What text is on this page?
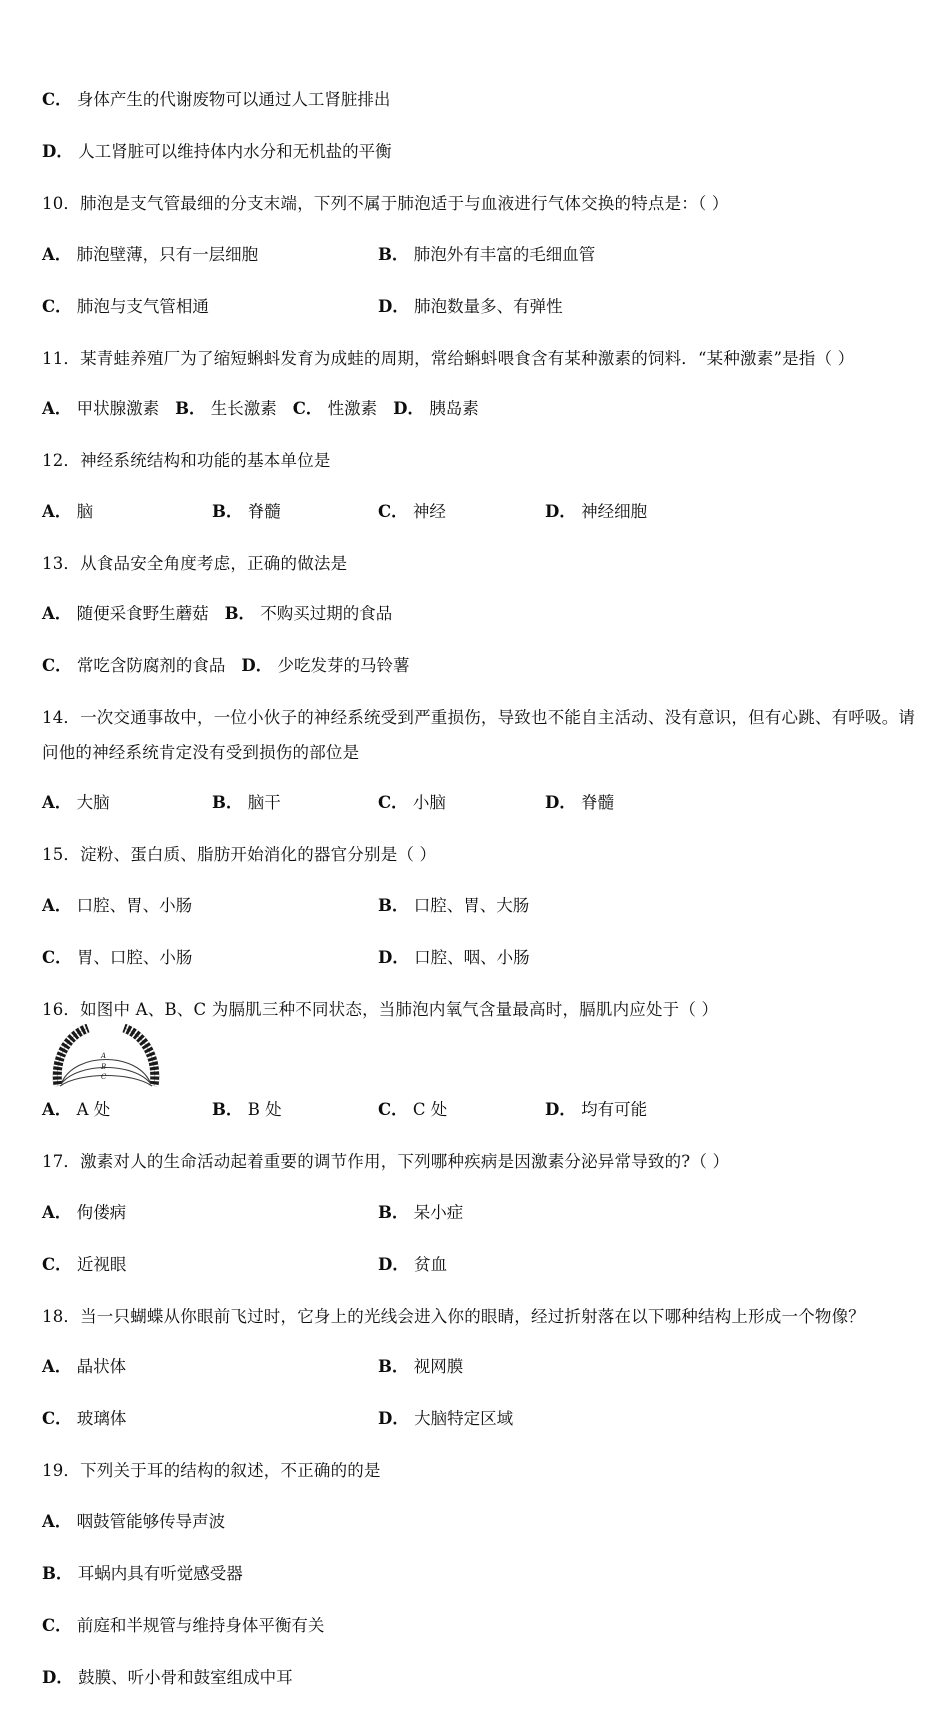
C ． 身体产生的代谢废物可以通过人工肾脏排出
D ． 人工肾脏可以维持体内水分和无机盐的平衡
10．肺泡是支气管最细的分支末端，下列不属于肺泡适于与血液进行气体交换的特点是：（ ）
A ． 肺泡壁薄，只有一层细胞	B ． 肺泡外有丰富的毛细血管
C ． 肺泡与支气管相通	D ． 肺泡数量多、有弹性
11．某青蛙养殖厂为了缩短蝌蚪发育为成蛙的周期，常给蝌蚪喂食含有某种激素的饲料．“某种激素”是指（ ）
A ． 甲状腺激素 B ． 生长激素 C ． 性激素 D ． 胰岛素
12．神经系统结构和功能的基本单位是
A ． 脑	B ． 脊髓	C ． 神经	D ． 神经细胞
13．从食品安全角度考虑，正确的做法是
A ． 随便采食野生蘑菇 B ． 不购买过期的食品
C ． 常吃含防腐剂的食品 D ． 少吃发芽的马铃薯
14．一次交通事故中，一位小伙子的神经系统受到严重损伤，导致也不能自主活动、没有意识，但有心跳、有呼吸。请
问他的神经系统肯定没有受到损伤的部位是
A ． 大脑	B ． 脑干	C ． 小脑	D ． 脊髓
15．淀粉、蛋白质、脂肪开始消化的器官分别是（ ）
A ． 口腔、胃、小肠	B ． 口腔、胃、大肠
C ． 胃、口腔、小肠	D ． 口腔、咽、小肠
16．如图中 A、B、C 为膈肌三种不同状态，当肺泡内氧气含量最高时，膈肌内应处于（ ）
A
B
C
A ． A 处	B ． B 处	C ． C 处	D ． 均有可能
17．激素对人的生命活动起着重要的调节作用，下列哪种疾病是因激素分泌异常导致的?（ ）
A ． 佝偻病	B ． 呆小症
C ． 近视眼	D ． 贫血
18．当一只蝴蝶从你眼前飞过时，它身上的光线会进入你的眼睛，经过折射落在以下哪种结构上形成一个物像？
A ． 晶状体	B ． 视网膜
C ． 玻璃体	D ． 大脑特定区域
19．下列关于耳的结构的叙述，不正确的的是
A ． 咽鼓管能够传导声波
B ． 耳蜗内具有听觉感受器
C ． 前庭和半规管与维持身体平衡有关
D ． 鼓膜、听小骨和鼓室组成中耳
